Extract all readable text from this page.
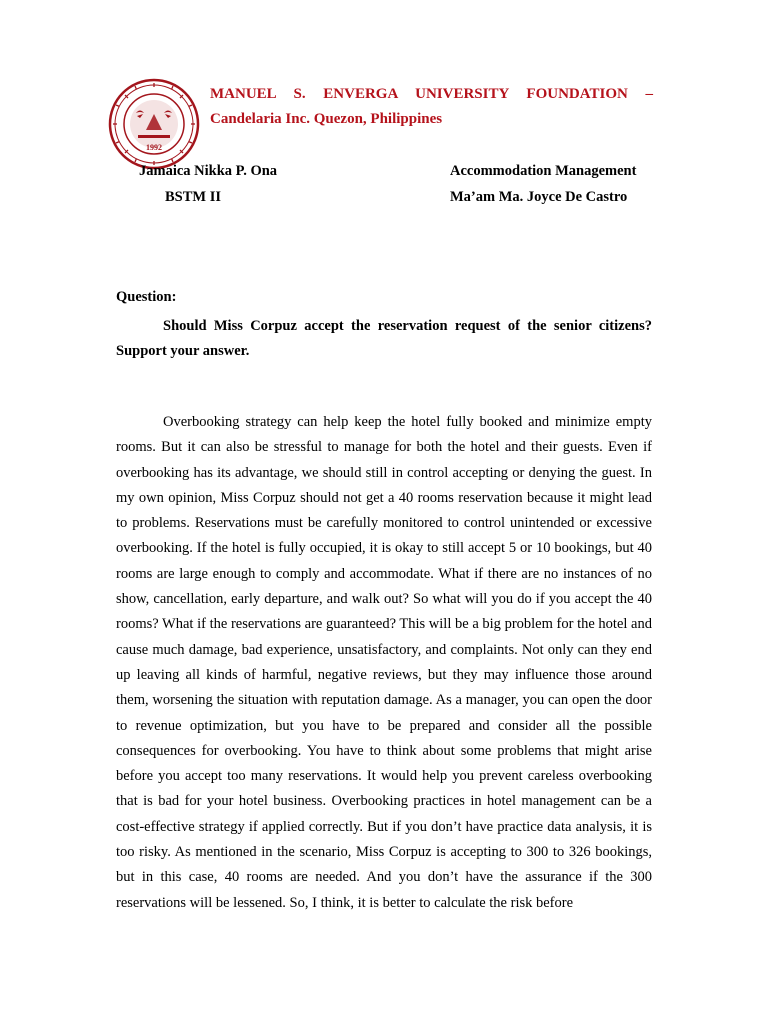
1992
MANUEL S. ENVERGA UNIVERSITY FOUNDATION –
Candelaria Inc. Quezon, Philippines
Jamaica Nikka P. Ona
BSTM II
Accommodation Management
Ma’am Ma. Joyce De Castro
Question:
Should Miss Corpuz accept the reservation request of the senior citizens? Support your answer.

Overbooking strategy can help keep the hotel fully booked and minimize empty rooms. But it can also be stressful to manage for both the hotel and their guests. Even if overbooking has its advantage, we should still in control accepting or denying the guest. In my own opinion, Miss Corpuz should not get a 40 rooms reservation because it might lead to problems. Reservations must be carefully monitored to control unintended or excessive overbooking. If the hotel is fully occupied, it is okay to still accept 5 or 10 bookings, but 40 rooms are large enough to comply and accommodate. What if there are no instances of no show, cancellation, early departure, and walk out? So what will you do if you accept the 40 rooms? What if the reservations are guaranteed? This will be a big problem for the hotel and cause much damage, bad experience, unsatisfactory, and complaints. Not only can they end up leaving all kinds of harmful, negative reviews, but they may influence those around them, worsening the situation with reputation damage. As a manager, you can open the door to revenue optimization, but you have to be prepared and consider all the possible consequences for overbooking. You have to think about some problems that might arise before you accept too many reservations. It would help you prevent careless overbooking that is bad for your hotel business. Overbooking practices in hotel management can be a cost-effective strategy if applied correctly. But if you don’t have practice data analysis, it is too risky. As mentioned in the scenario, Miss Corpuz is accepting to 300 to 326 bookings, but in this case, 40 rooms are needed. And you don’t have the assurance if the 300 reservations will be lessened. So, I think, it is better to calculate the risk before
